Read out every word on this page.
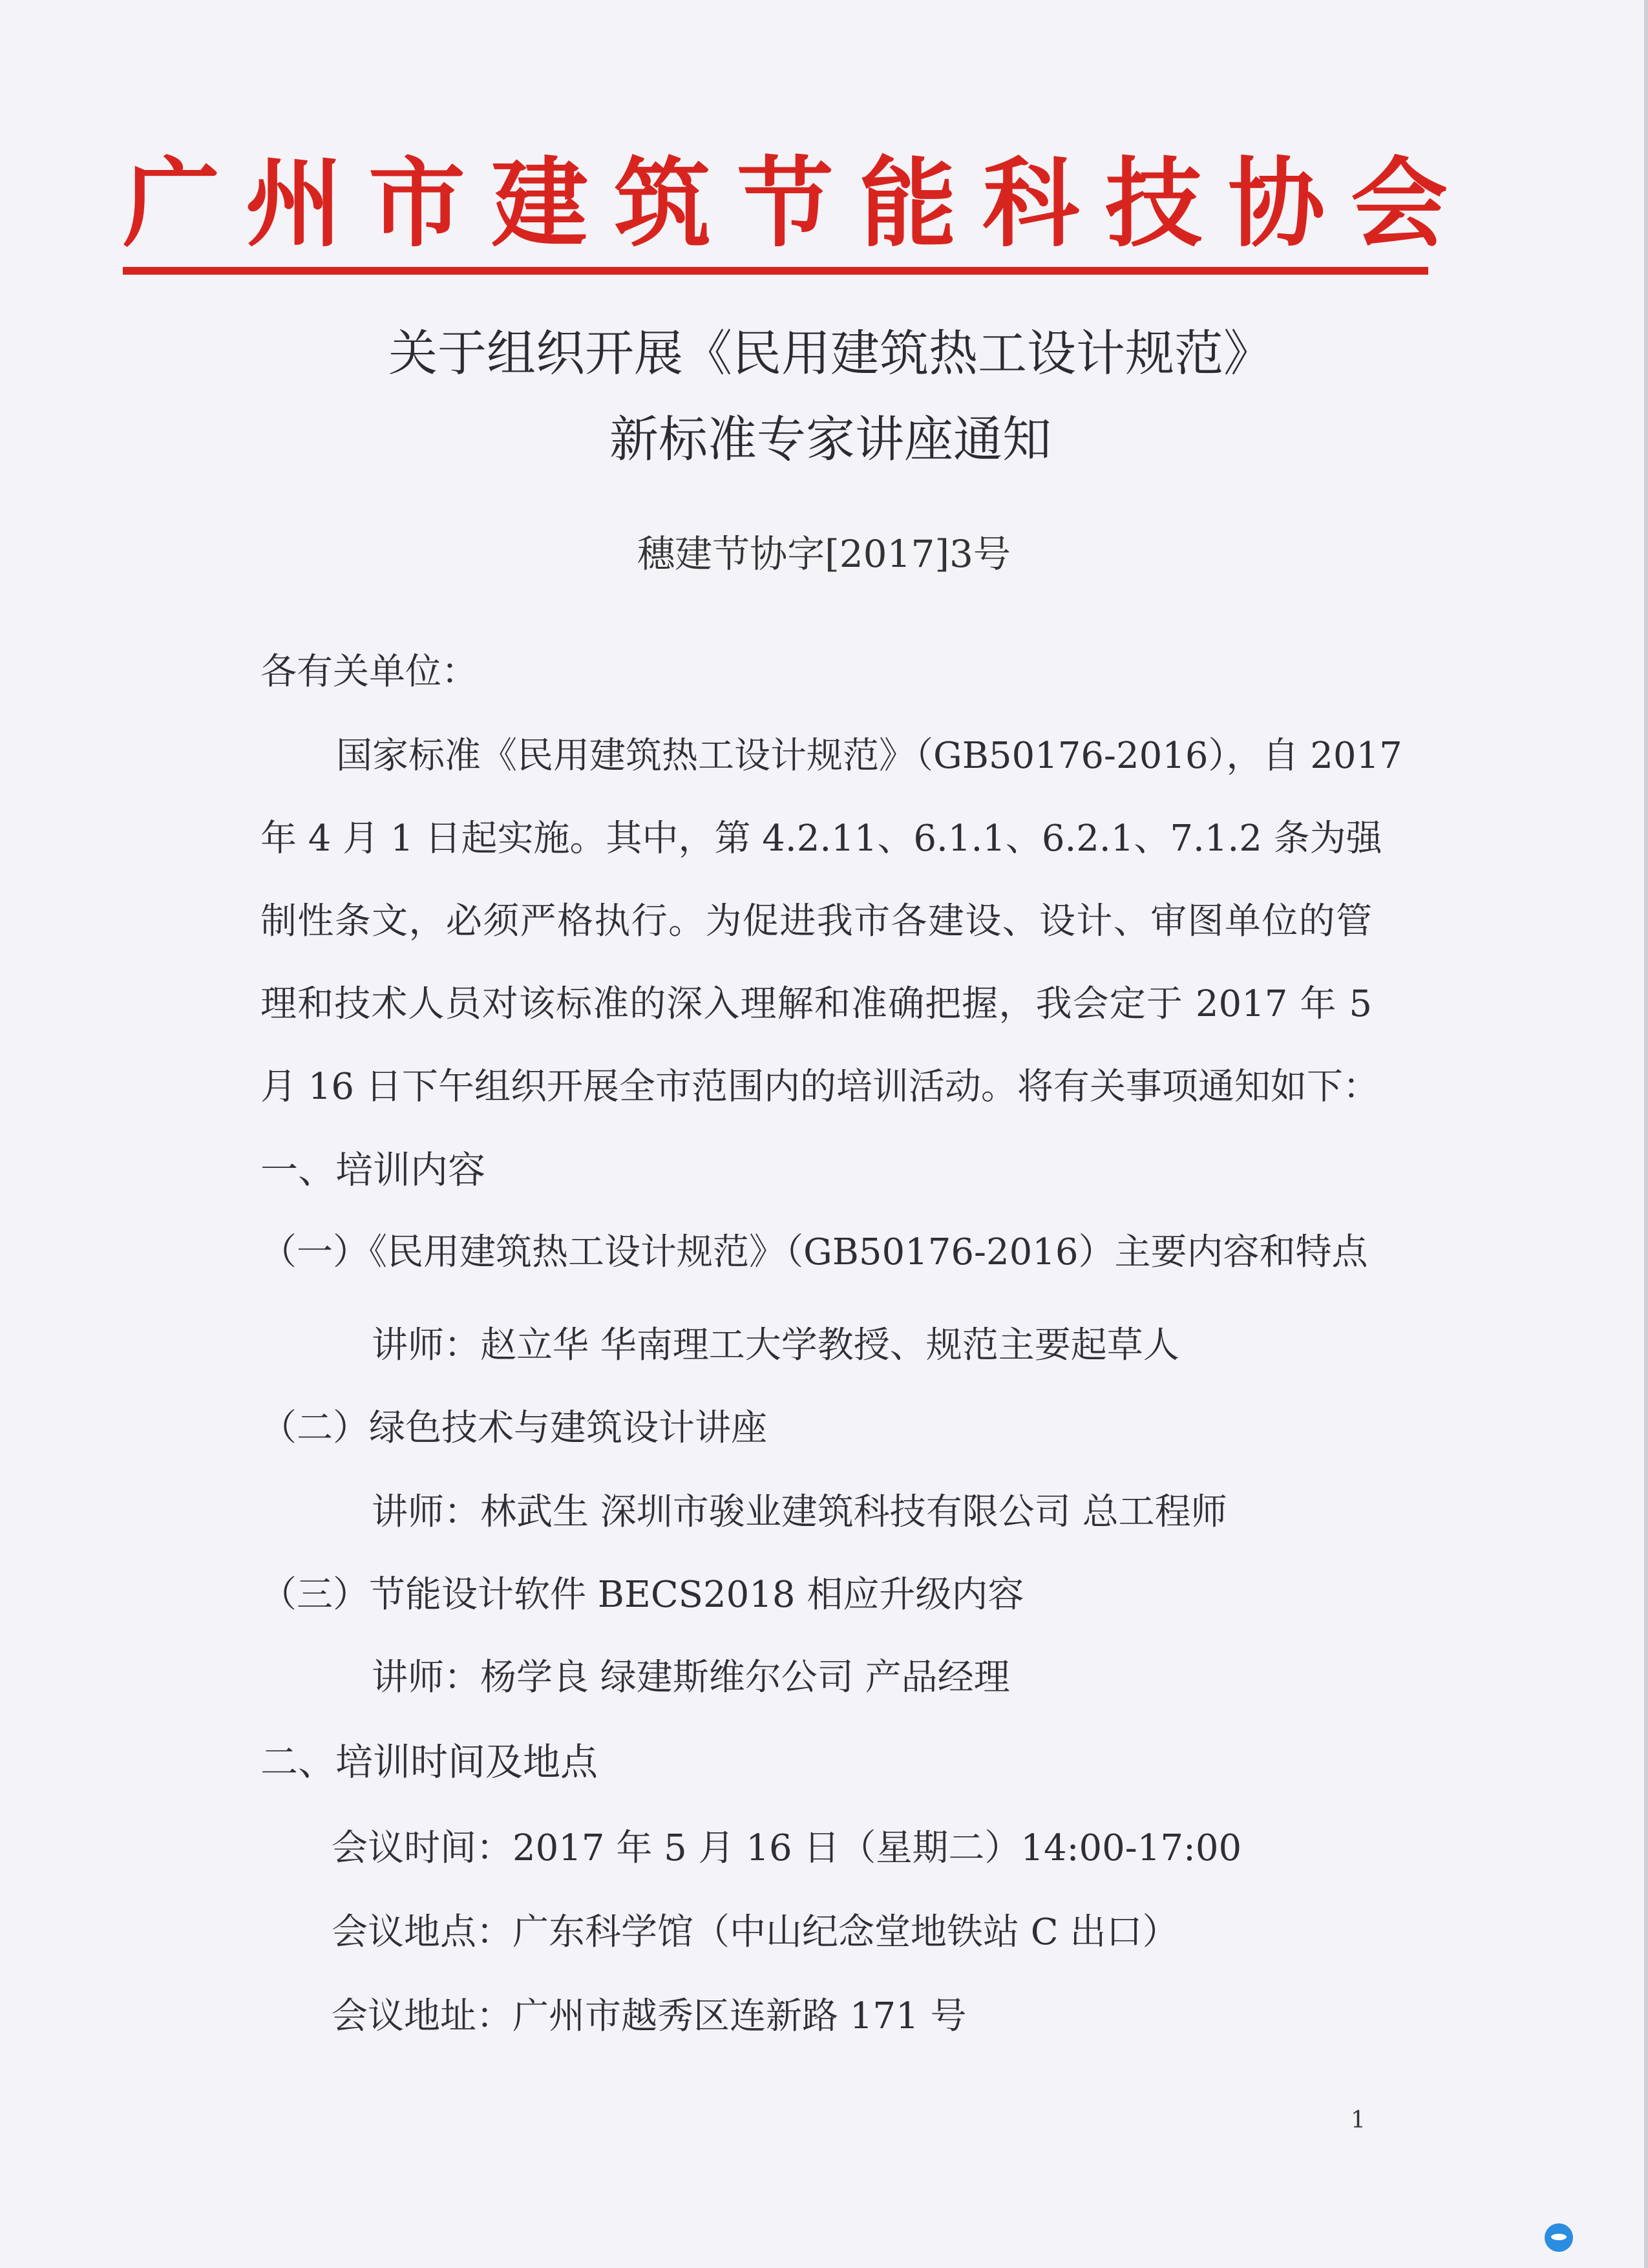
广州市建筑节能科技协会
关于组织开展《民用建筑热工设计规范》
新标准专家讲座通知
穗建节协字[2017]3号
各有关单位：
国家标准《民用建筑热工设计规范》（GB50176-2016），自 2017
年 4 月 1 日起实施。其中，第 4.2.11、6.1.1、6.2.1、7.1.2 条为强
制性条文，必须严格执行。为促进我市各建设、设计、审图单位的管
理和技术人员对该标准的深入理解和准确把握，我会定于 2017 年 5
月 16 日下午组织开展全市范围内的培训活动。将有关事项通知如下：
一、培训内容
（一）《民用建筑热工设计规范》（GB50176-2016）主要内容和特点
讲师：赵立华 华南理工大学教授、规范主要起草人
（二）绿色技术与建筑设计讲座
讲师：林武生 深圳市骏业建筑科技有限公司 总工程师
（三）节能设计软件 BECS2018 相应升级内容
讲师：杨学良 绿建斯维尔公司 产品经理
二、培训时间及地点
会议时间：2017 年 5 月 16 日（星期二）14:00-17:00
会议地点：广东科学馆（中山纪念堂地铁站 C 出口）
会议地址：广州市越秀区连新路 171 号
1
